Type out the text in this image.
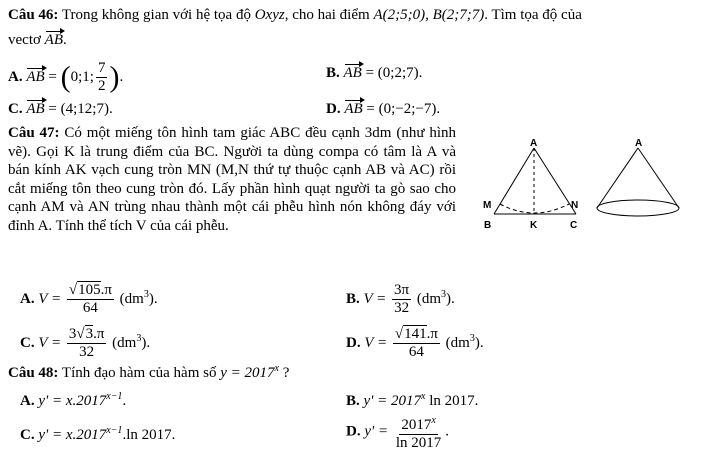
Câu 46: Trong không gian với hệ tọa độ Oxyz, cho hai điểm A(2;5;0), B(2;7;7). Tìm tọa độ của
vectơ AB.
A. AB = (0;1; $\frac{7}{2}$ ).	B. AB = (0;2;7).
C. AB = (4;12;7).	D. AB = (0;−2;−7).
Câu 47: Có một miếng tôn hình tam giác ABC đều cạnh 3dm (như hình vẽ). Gọi K là trung điểm của BC. Người ta dùng compa có tâm là A và bán kính AK vạch cung tròn MN (M,N thứ tự thuộc cạnh AB và AC) rồi cắt miếng tôn theo cung tròn đó. Lấy phần hình quạt người ta gò sao cho cạnh AM và AN trùng nhau thành một cái phễu hình nón không đáy với đỉnh A. Tính thể tích V của cái phễu.
A
M	N
B	K	C
A
A. $V = \frac{√105.\pi}{64} (dm^3)$.	B. $V = \frac{3\pi}{32} (dm^3)$.
C. $V = \frac{3√3.\pi}{32} (dm^3)$.	D. $V = \frac{√141.\pi}{64} (dm^3)$.
Câu 48: Tính đạo hàm của hàm số $y = 2017^x$ ?
A. $y' = x.2017^{x-1}$.	B. $y' = 2017^x$ ln 2017.
C. $y' = x.2017^{x-1}.\ln$ 2017.	D. $y' = \frac{2017^x}{\ln 2017}$ .
